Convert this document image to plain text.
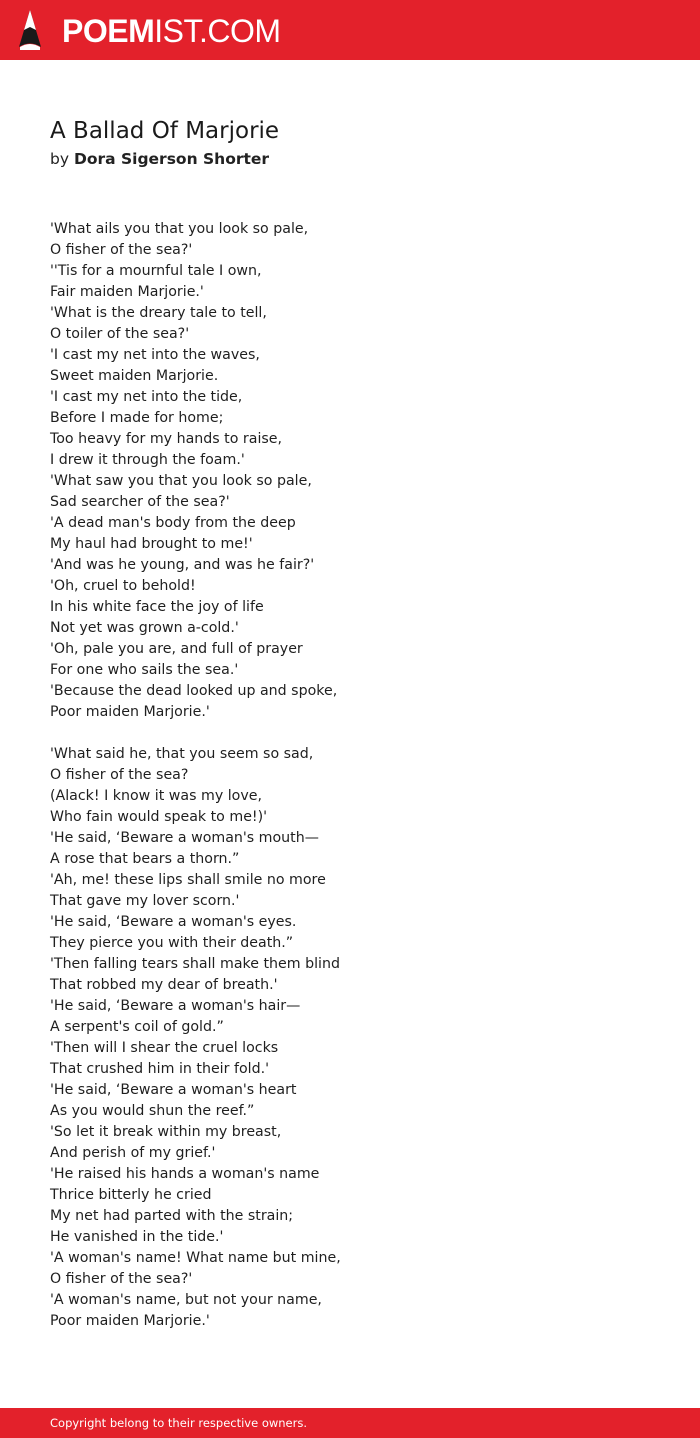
POEMIST.COM
A Ballad Of Marjorie
by Dora Sigerson Shorter
'What ails you that you look so pale,
O fisher of the sea?'
''Tis for a mournful tale I own,
Fair maiden Marjorie.'
'What is the dreary tale to tell,
O toiler of the sea?'
'I cast my net into the waves,
Sweet maiden Marjorie.
'I cast my net into the tide,
Before I made for home;
Too heavy for my hands to raise,
I drew it through the foam.'
'What saw you that you look so pale,
Sad searcher of the sea?'
'A dead man's body from the deep
My haul had brought to me!'
'And was he young, and was he fair?'
'Oh, cruel to behold!
In his white face the joy of life
Not yet was grown a-cold.'
'Oh, pale you are, and full of prayer
For one who sails the sea.'
'Because the dead looked up and spoke,
Poor maiden Marjorie.'
'What said he, that you seem so sad,
O fisher of the sea?
(Alack! I know it was my love,
Who fain would speak to me!)'
'He said, ‘Beware a woman's mouth—
A rose that bears a thorn.”
'Ah, me! these lips shall smile no more
That gave my lover scorn.'
'He said, ‘Beware a woman's eyes.
They pierce you with their death.”
'Then falling tears shall make them blind
That robbed my dear of breath.'
'He said, ‘Beware a woman's hair—
A serpent's coil of gold.”
'Then will I shear the cruel locks
That crushed him in their fold.'
'He said, ‘Beware a woman's heart
As you would shun the reef.”
'So let it break within my breast,
And perish of my grief.'
'He raised his hands a woman's name
Thrice bitterly he cried
My net had parted with the strain;
He vanished in the tide.'
'A woman's name! What name but mine,
O fisher of the sea?'
'A woman's name, but not your name,
Poor maiden Marjorie.'
Copyright belong to their respective owners.
